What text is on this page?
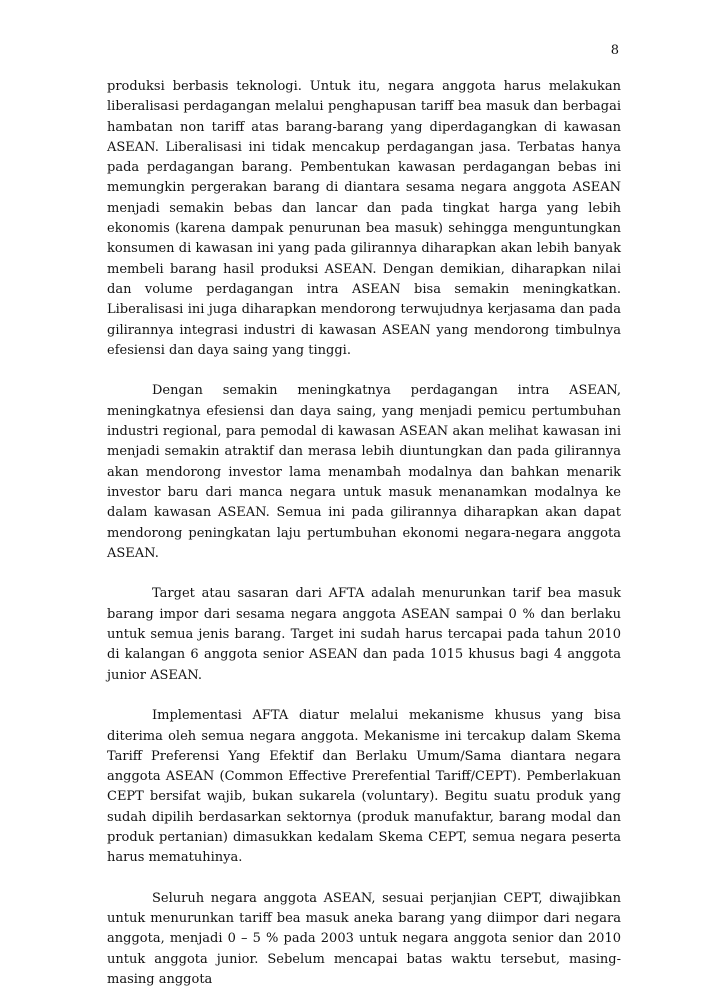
8

produksi berbasis teknologi. Untuk itu, negara anggota harus melakukan liberalisasi perdagangan melalui penghapusan tariff bea masuk dan berbagai hambatan non tariff atas barang-barang yang diperdagangkan di kawasan ASEAN. Liberalisasi ini tidak mencakup perdagangan jasa. Terbatas hanya pada perdagangan barang. Pembentukan kawasan perdagangan bebas ini memungkin pergerakan barang di diantara sesama negara anggota ASEAN menjadi semakin bebas dan lancar dan pada tingkat harga yang lebih ekonomis (karena dampak penurunan bea masuk) sehingga menguntungkan konsumen di kawasan ini yang pada gilirannya diharapkan akan lebih banyak membeli barang hasil produksi ASEAN. Dengan demikian, diharapkan nilai dan volume perdagangan intra ASEAN bisa semakin meningkatkan. Liberalisasi ini juga diharapkan mendorong terwujudnya kerjasama dan pada gilirannya integrasi industri di kawasan ASEAN yang mendorong timbulnya efesiensi dan daya saing yang tinggi.

Dengan semakin meningkatnya perdagangan intra ASEAN, meningkatnya efesiensi dan daya saing, yang menjadi pemicu pertumbuhan industri regional, para pemodal di kawasan ASEAN akan melihat kawasan ini menjadi semakin atraktif dan merasa lebih diuntungkan dan pada gilirannya akan mendorong investor lama menambah modalnya dan bahkan menarik investor baru dari manca negara untuk masuk menanamkan modalnya ke dalam kawasan ASEAN. Semua ini pada gilirannya diharapkan akan dapat mendorong peningkatan laju pertumbuhan ekonomi negara-negara anggota ASEAN.

Target atau sasaran dari AFTA adalah menurunkan tarif bea masuk barang impor dari sesama negara anggota ASEAN sampai 0 % dan berlaku untuk semua jenis barang. Target ini sudah harus tercapai pada tahun 2010 di kalangan 6 anggota senior ASEAN dan pada 1015 khusus bagi 4 anggota junior ASEAN.

Implementasi AFTA diatur melalui mekanisme khusus yang bisa diterima oleh semua negara anggota. Mekanisme ini tercakup dalam Skema Tariff Preferensi Yang Efektif dan Berlaku Umum/Sama diantara negara anggota ASEAN (Common Effective Prerefential Tariff/CEPT). Pemberlakuan CEPT bersifat wajib, bukan sukarela (voluntary). Begitu suatu produk yang sudah dipilih berdasarkan sektornya (produk manufaktur, barang modal dan produk pertanian) dimasukkan kedalam Skema CEPT, semua negara peserta harus mematuhinya.

Seluruh negara anggota ASEAN, sesuai perjanjian CEPT, diwajibkan untuk menurunkan tariff bea masuk aneka barang yang diimpor dari negara anggota, menjadi 0 – 5 % pada 2003 untuk negara anggota senior dan 2010 untuk anggota junior. Sebelum mencapai batas waktu tersebut, masing-masing anggota
